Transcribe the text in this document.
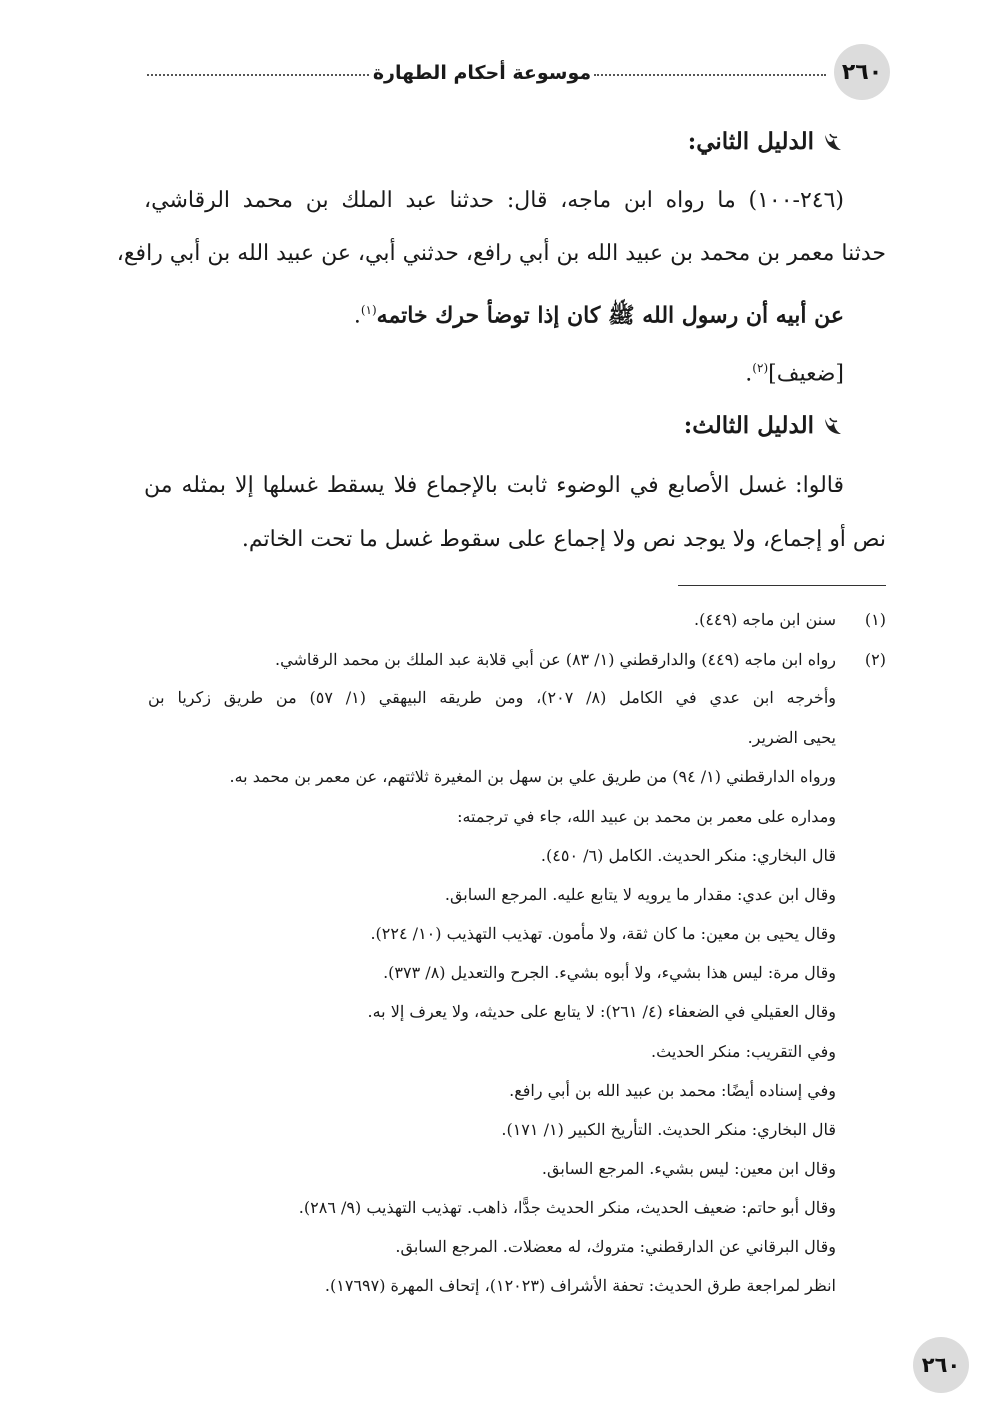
٢٦٠
موسوعة أحكام الطهارة
الدليل الثاني:
(٢٤٦-١٠٠) ما رواه ابن ماجه، قال: حدثنا عبد الملك بن محمد الرقاشي،
حدثنا معمر بن محمد بن عبيد الله بن أبي رافع، حدثني أبي، عن عبيد الله بن أبي رافع،
عن أبيه أن رسول الله ﷺ كان إذا توضأ حرك خاتمه$^{(١)}$.
[ضعيف]$^{(٢)}$.
الدليل الثالث:
قالوا: غسل الأصابع في الوضوء ثابت بالإجماع فلا يسقط غسلها إلا بمثله من
نص أو إجماع، ولا يوجد نص ولا إجماع على سقوط غسل ما تحت الخاتم.
(١)
سنن ابن ماجه (٤٤٩).
(٢)
رواه ابن ماجه (٤٤٩) والدارقطني (١/ ٨٣) عن أبي قلابة عبد الملك بن محمد الرقاشي.
وأخرجه ابن عدي في الكامل (٨/ ٢٠٧)، ومن طريقه البيهقي (١/ ٥٧) من طريق زكريا بن
يحيى الضرير.
ورواه الدارقطني (١/ ٩٤) من طريق علي بن سهل بن المغيرة ثلاثتهم، عن معمر بن محمد به.
ومداره على معمر بن محمد بن عبيد الله، جاء في ترجمته:
قال البخاري: منكر الحديث. الكامل (٦/ ٤٥٠).
وقال ابن عدي: مقدار ما يرويه لا يتابع عليه. المرجع السابق.
وقال يحيى بن معين: ما كان ثقة، ولا مأمون. تهذيب التهذيب (١٠/ ٢٢٤).
وقال مرة: ليس هذا بشيء، ولا أبوه بشيء. الجرح والتعديل (٨/ ٣٧٣).
وقال العقيلي في الضعفاء (٤/ ٢٦١): لا يتابع على حديثه، ولا يعرف إلا به.
وفي التقريب: منكر الحديث.
وفي إسناده أيضًا: محمد بن عبيد الله بن أبي رافع.
قال البخاري: منكر الحديث. التأريخ الكبير (١/ ١٧١).
وقال ابن معين: ليس بشيء. المرجع السابق.
وقال أبو حاتم: ضعيف الحديث، منكر الحديث جدًّا، ذاهب. تهذيب التهذيب (٩/ ٢٨٦).
وقال البرقاني عن الدارقطني: متروك، له معضلات. المرجع السابق.
انظر لمراجعة طرق الحديث: تحفة الأشراف (١٢٠٢٣)، إتحاف المهرة (١٧٦٩٧).
٢٦٠
